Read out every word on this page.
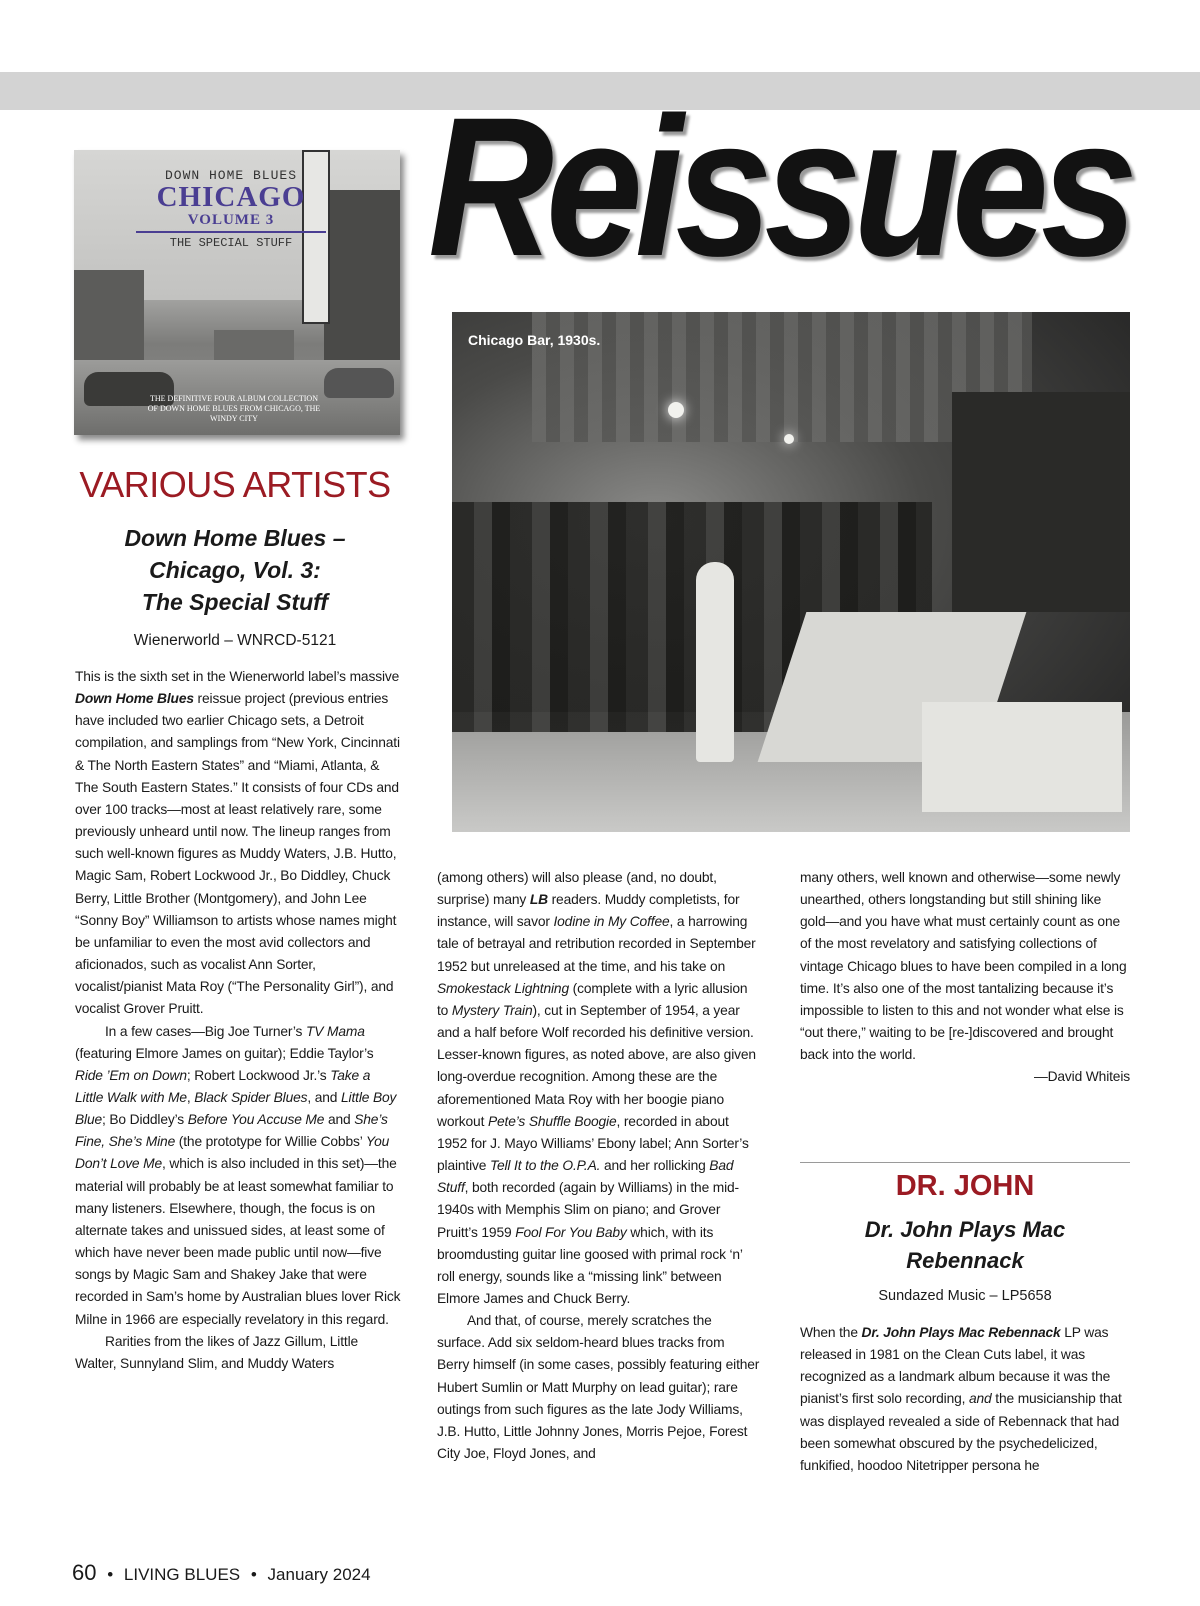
Reissues
DOWN HOME BLUES
CHICAGO
VOLUME 3
THE SPECIAL STUFF
THE DEFINITIVE FOUR ALBUM COLLECTION OF DOWN HOME BLUES FROM CHICAGO, THE WINDY CITY

Chicago Bar, 1930s.

VARIOUS ARTISTS
Down Home Blues –
Chicago, Vol. 3:
The Special Stuff

Wienerworld – WNRCD-5121

This is the sixth set in the Wienerworld label’s massive Down Home Blues reissue project (previous entries have included two earlier Chicago sets, a Detroit compilation, and samplings from “New York, Cincinnati & The North Eastern States” and “Miami, Atlanta, & The South Eastern States.” It consists of four CDs and over 100 tracks—most at least relatively rare, some previously unheard until now. The lineup ranges from such well-known figures as Muddy Waters, J.B. Hutto, Magic Sam, Robert Lockwood Jr., Bo Diddley, Chuck Berry, Little Brother (Montgomery), and John Lee “Sonny Boy” Williamson to artists whose names might be unfamiliar to even the most avid collectors and aficionados, such as vocalist Ann Sorter, vocalist/pianist Mata Roy (“The Personality Girl”), and vocalist Grover Pruitt.

In a few cases—Big Joe Turner’s TV Mama (featuring Elmore James on guitar); Eddie Taylor’s Ride ’Em on Down; Robert Lockwood Jr.’s Take a Little Walk with Me, Black Spider Blues, and Little Boy Blue; Bo Diddley’s Before You Accuse Me and She’s Fine, She’s Mine (the prototype for Willie Cobbs’ You Don’t Love Me, which is also included in this set)—the material will probably be at least somewhat familiar to many listeners. Elsewhere, though, the focus is on alternate takes and unissued sides, at least some of which have never been made public until now—five songs by Magic Sam and Shakey Jake that were recorded in Sam’s home by Australian blues lover Rick Milne in 1966 are especially revelatory in this regard.

Rarities from the likes of Jazz Gillum, Little Walter, Sunnyland Slim, and Muddy Waters

(among others) will also please (and, no doubt, surprise) many LB readers. Muddy completists, for instance, will savor Iodine in My Coffee, a harrowing tale of betrayal and retribution recorded in September 1952 but unreleased at the time, and his take on Smokestack Lightning (complete with a lyric allusion to Mystery Train), cut in September of 1954, a year and a half before Wolf recorded his definitive version. Lesser-known figures, as noted above, are also given long-overdue recognition. Among these are the aforementioned Mata Roy with her boogie piano workout Pete’s Shuffle Boogie, recorded in about 1952 for J. Mayo Williams’ Ebony label; Ann Sorter’s plaintive Tell It to the O.P.A. and her rollicking Bad Stuff, both recorded (again by Williams) in the mid-1940s with Memphis Slim on piano; and Grover Pruitt’s 1959 Fool For You Baby which, with its broomdusting guitar line goosed with primal rock ‘n’ roll energy, sounds like a “missing link” between Elmore James and Chuck Berry.

And that, of course, merely scratches the surface. Add six seldom-heard blues tracks from Berry himself (in some cases, possibly featuring either Hubert Sumlin or Matt Murphy on lead guitar); rare outings from such figures as the late Jody Williams, J.B. Hutto, Little Johnny Jones, Morris Pejoe, Forest City Joe, Floyd Jones, and

many others, well known and otherwise—some newly unearthed, others longstanding but still shining like gold—and you have what must certainly count as one of the most revelatory and satisfying collections of vintage Chicago blues to have been compiled in a long time. It’s also one of the most tantalizing because it’s impossible to listen to this and not wonder what else is “out there,” waiting to be [re-]discovered and brought back into the world.

—David Whiteis

DR. JOHN
Dr. John Plays Mac
Rebennack

Sundazed Music – LP5658

When the Dr. John Plays Mac Rebennack LP was released in 1981 on the Clean Cuts label, it was recognized as a landmark album because it was the pianist’s first solo recording, and the musicianship that was displayed revealed a side of Rebennack that had been somewhat obscured by the psychedelicized, funkified, hoodoo Nitetripper persona he

60 • LIVING BLUES • January 2024
